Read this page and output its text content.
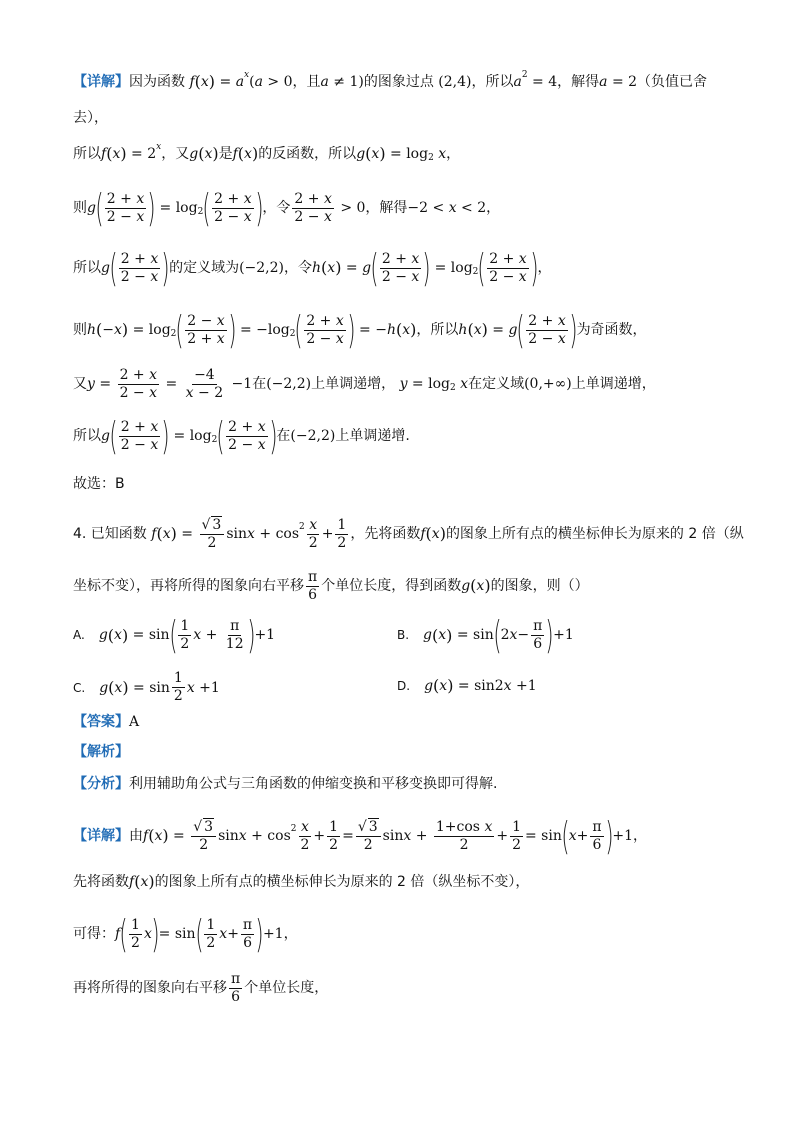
【详解】 因为函数 f ( x ) = a x ( a > 0 ，且 a ≠ 1) 的图象过点 (2,4) ，所以 a 2 = 4 ，解得 a = 2 （负值已舍
去），
所以 f ( x ) = 2 x ，又 g ( x ) 是 f ( x ) 的反函数，所以 g ( x ) = log 2 x ，
则 g ( $\frac{2 + x}{2 - x}$ ) = log 2 ( $\frac{2 + x}{2 - x}$ ) ，令 $\frac{2 + x}{2 - x} > 0$ ，解得 −2 < x < 2 ，
所以 g ( $\frac{2 + x}{2 - x}$ ) 的定义域为 (−2,2) ，令 h ( x ) = g ( $\frac{2 + x}{2 - x}$ ) = log 2 ( $\frac{2 + x}{2 - x}$ ) ，
则 h ( − x ) = log 2 ( $\frac{2 - x}{2 + x}$ ) = −log 2 ( $\frac{2 + x}{2 - x}$ ) = − h ( x ) ，所以 h ( x ) = g ( $\frac{2 + x}{2 - x}$ ) 为奇函数，
又 $y = \frac{2 + x}{2 - x} = \frac{-4}{x - 2} -1$ 在 (−2,2) 上单调递增， y = log 2 x 在定义域 (0,+∞) 上单调递增，
所以 g ( $\frac{2 + x}{2 - x}$ ) = log 2 ( $\frac{2 + x}{2 - x}$ ) 在 (−2,2) 上单调递增.
故选：B
4. 已知函数 f ( x ) = $\frac{√ 3}{2}$ $\sin x + \cos 2 \frac{x}{2} + \frac{1}{2}$ ，先将函数 f ( x ) 的图象上所有点的横坐标伸长为原来的 2 倍（纵
坐标不变），再将所得的图象向右平移 $\frac{\pi}{6}$ 个单位长度，得到函数 g ( x ) 的图象，则（）
A. g ( x ) = sin ( $\frac{1}{2}$ $x + \frac{\pi}{12}$ ) +1	B. g ( x ) = sin ( 2 $x - \frac{\pi}{6}$ ) +1
C. g ( x ) = $\sin \frac{1}{2}$ x +1	D. g ( x ) = sin2 x +1
【答案】 A
【解析】
【分析】 利用辅助角公式与三角函数的伸缩变换和平移变换即可得解.
【详解】 由 f ( x ) = $\frac{√ 3}{2}$ $\sin x + \cos 2 \frac{x}{2} + \frac{1}{2} = \frac{√ 3}{2}$ $\sin x + \frac{\text{1+cos x}}{2} + \frac{1}{2} = \sin$ ( $x + \frac{\pi}{6}$ ) +1 ，
先将函数 f ( x ) 的图象上所有点的横坐标伸长为原来的 2 倍（纵坐标不变），
可得： f ( $\frac{1}{2}$ x ) = sin ( $\frac{1}{2}$ $x + \frac{\pi}{6}$ ) +1 ，
再将所得的图象向右平移 $\frac{\pi}{6}$ 个单位长度，
